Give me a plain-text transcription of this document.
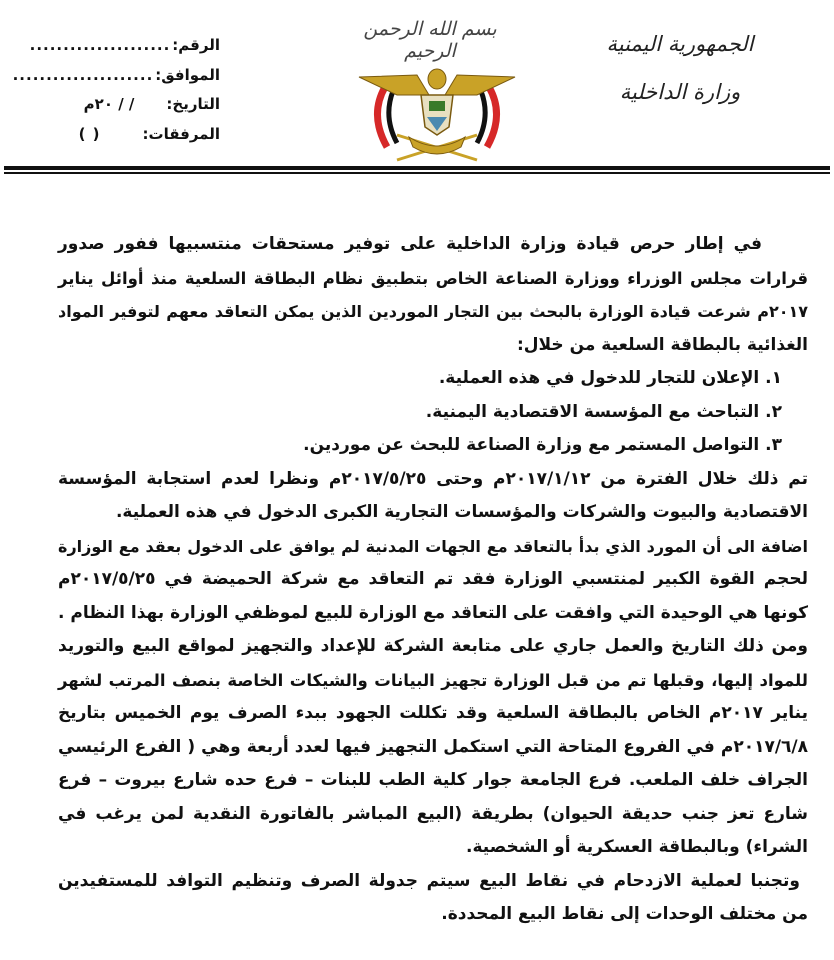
الرقم:
.....................
الموافق:
.....................
التاريخ:
/ / ٢٠م
المرفقات:
( )
بسم الله الرحمن الرحيم	الجمهورية اليمنية
وزارة الداخلية
في إطار حرص قيادة وزارة الداخلية على توفير مستحقات منتسبيها ففور صدور
قرارات مجلس الوزراء ووزارة الصناعة الخاص بتطبيق نظام البطاقة السلعية منذ أوائل يناير
٢٠١٧م شرعت قيادة الوزارة بالبحث بين التجار الموردين الذين يمكن التعاقد معهم لتوفير المواد
الغذائية بالبطاقة السلعية من خلال:
١. الإعلان للتجار للدخول في هذه العملية.
٢. التباحث مع المؤسسة الاقتصادية اليمنية.
٣. التواصل المستمر مع وزارة الصناعة للبحث عن موردين.
تم ذلك خلال الفترة من ٢٠١٧/١/١٢م وحتى ٢٠١٧/٥/٢٥م ونظرا لعدم استجابة المؤسسة
الاقتصادية والبيوت والشركات والمؤسسات التجارية الكبرى الدخول في هذه العملية.
اضافة الى أن المورد الذي بدأ بالتعاقد مع الجهات المدنية لم يوافق على الدخول بعقد مع الوزارة
لحجم القوة الكبير لمنتسبي الوزارة فقد تم التعاقد مع شركة الحميضة في ٢٠١٧/٥/٢٥م
كونها هي الوحيدة التي وافقت على التعاقد مع الوزارة للبيع لموظفي الوزارة بهذا النظام .
ومن ذلك التاريخ والعمل جاري على متابعة الشركة للإعداد والتجهيز لمواقع البيع والتوريد
للمواد إليها، وقبلها تم من قبل الوزارة تجهيز البيانات والشيكات الخاصة بنصف المرتب لشهر
يناير ٢٠١٧م الخاص بالبطاقة السلعية وقد تكللت الجهود ببدء الصرف يوم الخميس بتاريخ
٢٠١٧/٦/٨م في الفروع المتاحة التي استكمل التجهيز فيها لعدد أربعة وهي ( الفرع الرئيسي
الجراف خلف الملعب. فرع الجامعة جوار كلية الطب للبنات – فرع حده شارع بيروت – فرع
شارع تعز جنب حديقة الحيوان) بطريقة (البيع المباشر بالفاتورة النقدية لمن يرغب في
الشراء) وبالبطاقة العسكرية أو الشخصية.
وتجنبا لعملية الازدحام في نقاط البيع سيتم جدولة الصرف وتنظيم التوافد للمستفيدين
من مختلف الوحدات إلى نقاط البيع المحددة.
